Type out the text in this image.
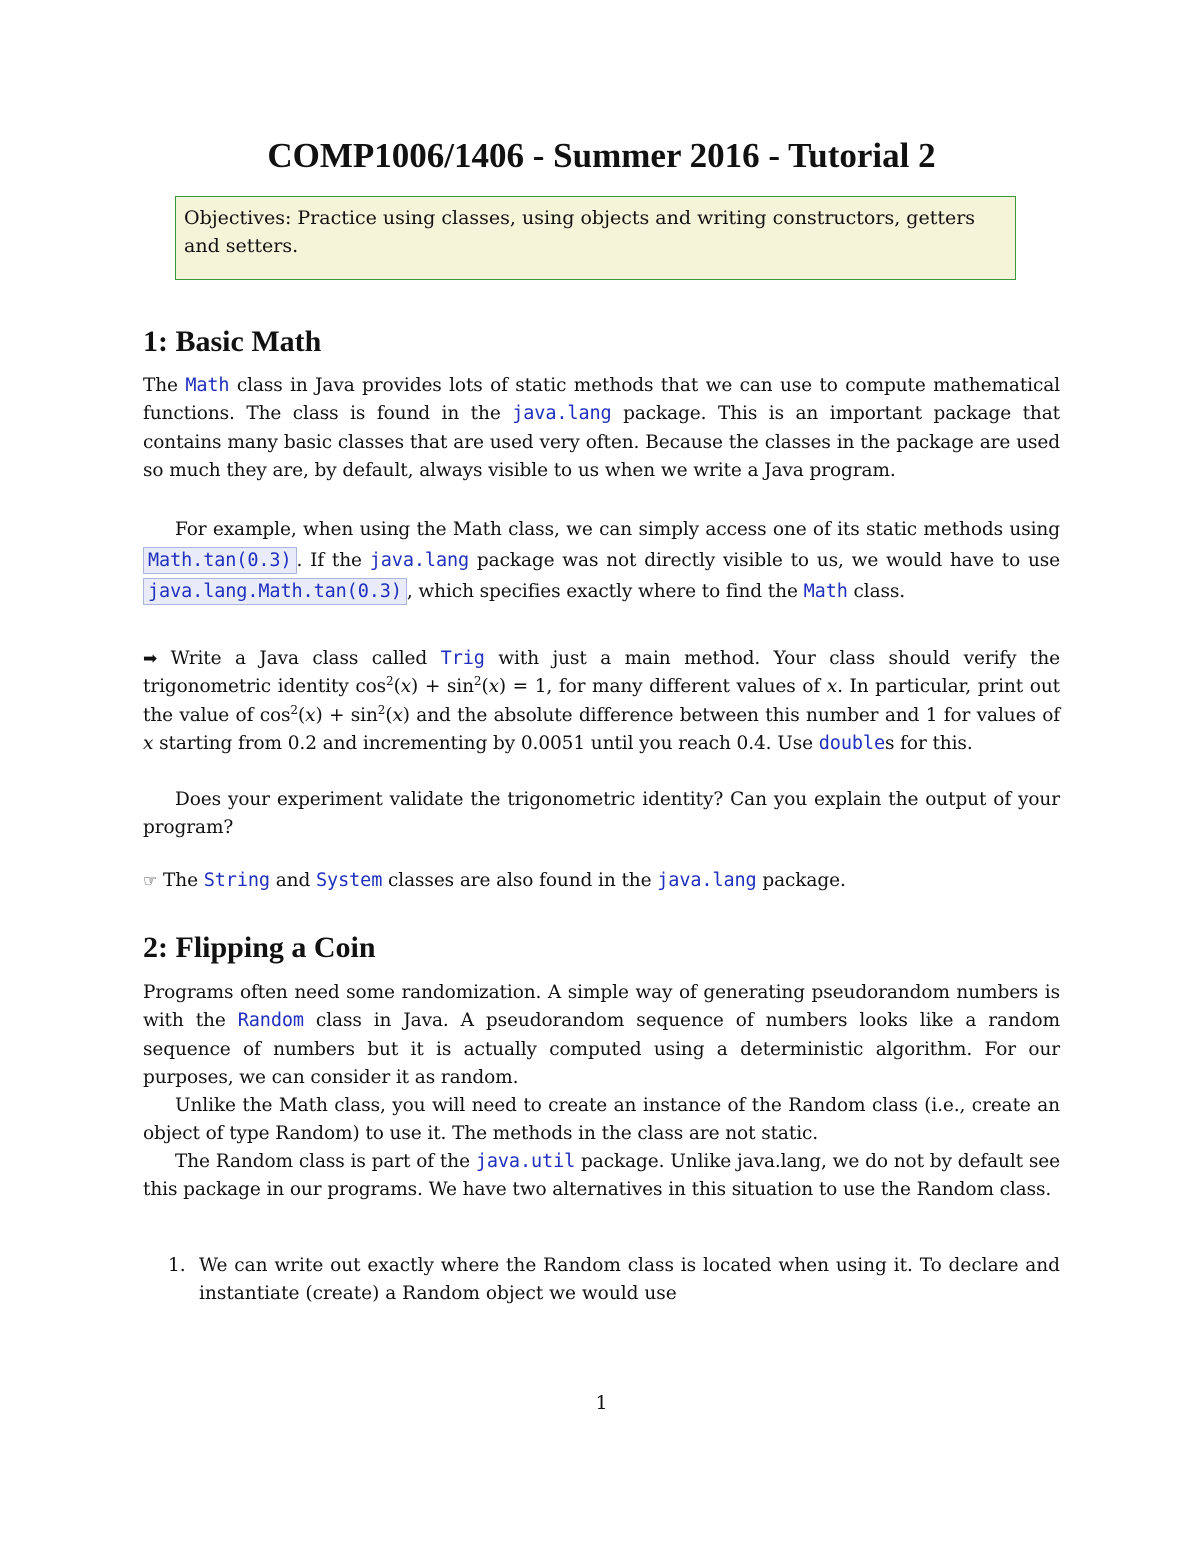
COMP1006/1406 - Summer 2016 - Tutorial 2
Objectives: Practice using classes, using objects and writing constructors, getters and setters.
1: Basic Math
The Math class in Java provides lots of static methods that we can use to compute mathematical functions. The class is found in the java.lang package. This is an important package that contains many basic classes that are used very often. Because the classes in the package are used so much they are, by default, always visible to us when we write a Java program.
For example, when using the Math class, we can simply access one of its static methods using Math.tan(0.3) . If the java.lang package was not directly visible to us, we would have to use java.lang.Math.tan(0.3) , which specifies exactly where to find the Math class.
➡ Write a Java class called Trig with just a main method. Your class should verify the trigonometric identity $\cos^2(x) + \sin^2(x) = 1$, for many different values of x. In particular, print out the value of $\cos^2(x) + \sin^2(x)$ and the absolute difference between this number and 1 for values of x starting from 0.2 and incrementing by 0.0051 until you reach 0.4. Use doubles for this.
Does your experiment validate the trigonometric identity? Can you explain the output of your program?
☞ The String and System classes are also found in the java.lang package.
2: Flipping a Coin
Programs often need some randomization. A simple way of generating pseudorandom numbers is with the Random class in Java. A pseudorandom sequence of numbers looks like a random sequence of numbers but it is actually computed using a deterministic algorithm. For our purposes, we can consider it as random.
Unlike the Math class, you will need to create an instance of the Random class (i.e., create an object of type Random) to use it. The methods in the class are not static.
The Random class is part of the java.util package. Unlike java.lang, we do not by default see this package in our programs. We have two alternatives in this situation to use the Random class.
1. We can write out exactly where the Random class is located when using it. To declare and instantiate (create) a Random object we would use
1
